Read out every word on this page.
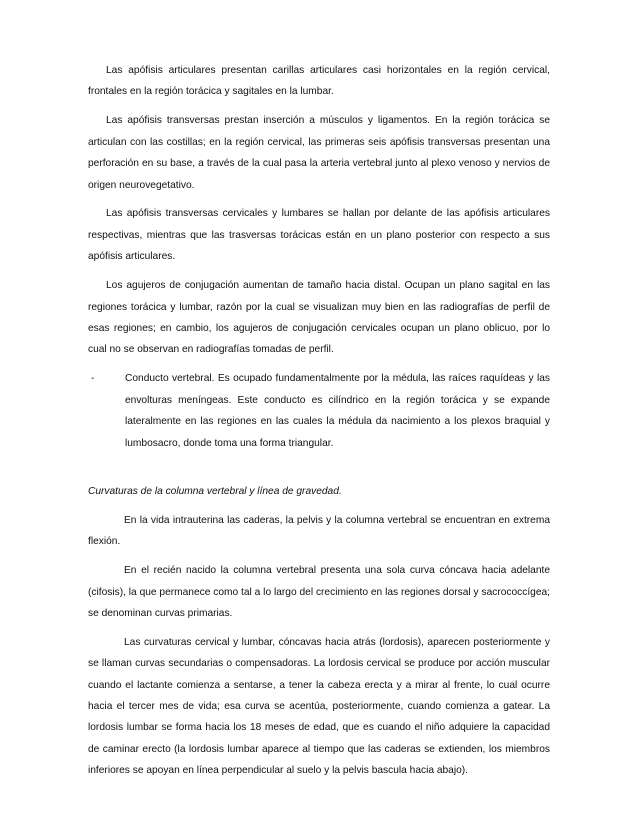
Las apófisis articulares presentan carillas articulares casi horizontales en la región cervical, frontales en la región torácica y sagitales en la lumbar.

Las apófisis transversas prestan inserción a músculos y ligamentos. En la región torácica se articulan con las costillas; en la región cervical, las primeras seis apófisis transversas presentan una perforación en su base, a través de la cual pasa la arteria vertebral junto al plexo venoso y nervios de origen neurovegetativo.

Las apófisis transversas cervicales y lumbares se hallan por delante de las apófisis articulares respectivas, mientras que las trasversas torácicas están en un plano posterior con respecto a sus apófisis articulares.

Los agujeros de conjugación aumentan de tamaño hacia distal. Ocupan un plano sagital en las regiones torácica y lumbar, razón por la cual se visualizan muy bien en las radiografías de perfil de esas regiones; en cambio, los agujeros de conjugación cervicales ocupan un plano oblicuo, por lo cual no se observan en radiografías tomadas de perfil.

-	Conducto vertebral. Es ocupado fundamentalmente por la médula, las raíces raquídeas y las envolturas meníngeas. Este conducto es cilíndrico en la región torácica y se expande lateralmente en las regiones en las cuales la médula da nacimiento a los plexos braquial y lumbosacro, donde toma una forma triangular.

Curvaturas de la columna vertebral y línea de gravedad.

En la vida intrauterina las caderas, la pelvis y la columna vertebral se encuentran en extrema flexión.

En el recién nacido la columna vertebral presenta una sola curva cóncava hacia adelante (cifosis), la que permanece como tal a lo largo del crecimiento en las regiones dorsal y sacrococcígea; se denominan curvas primarias.

Las curvaturas cervical y lumbar, cóncavas hacia atrás (lordosis), aparecen posteriormente y se llaman curvas secundarias o compensadoras. La lordosis cervical se produce por acción muscular cuando el lactante comienza a sentarse, a tener la cabeza erecta y a mirar al frente, lo cual ocurre hacia el tercer mes de vida; esa curva se acentúa, posteriormente, cuando comienza a gatear. La lordosis lumbar se forma hacia los 18 meses de edad, que es cuando el niño adquiere la capacidad de caminar erecto (la lordosis lumbar aparece al tiempo que las caderas se extienden, los miembros inferiores se apoyan en línea perpendicular al suelo y la pelvis bascula hacia abajo).
